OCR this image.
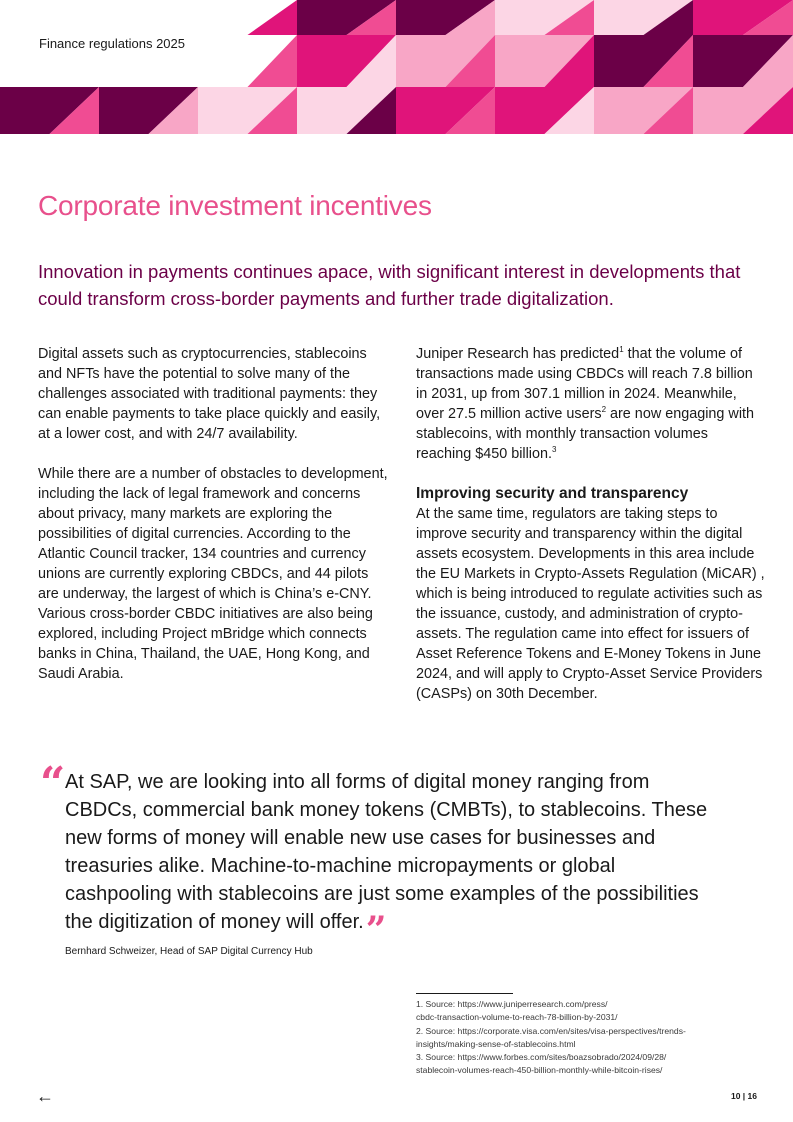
Finance regulations 2025
Corporate investment incentives

Innovation in payments continues apace, with significant interest in developments that could transform cross-border payments and further trade digitalization.

Digital assets such as cryptocurrencies, stablecoins and NFTs have the potential to solve many of the challenges associated with traditional payments: they can enable payments to take place quickly and easily, at a lower cost, and with 24/7 availability.

While there are a number of obstacles to development, including the lack of legal framework and concerns about privacy, many markets are exploring the possibilities of digital currencies. According to the Atlantic Council tracker, 134 countries and currency unions are currently exploring CBDCs, and 44 pilots are underway, the largest of which is China’s e-CNY. Various cross-border CBDC initiatives are also being explored, including Project mBridge which connects banks in China, Thailand, the UAE, Hong Kong, and Saudi Arabia.

Juniper Research has predicted$^1$ that the volume of transactions made using CBDCs will reach 7.8 billion in 2031, up from 307.1 million in 2024. Meanwhile, over 27.5 million active users$^2$ are now engaging with stablecoins, with monthly transaction volumes reaching $450 billion.$^3$

Improving security and transparency

At the same time, regulators are taking steps to improve security and transparency within the digital assets ecosystem. Developments in this area include the EU Markets in Crypto-Assets Regulation (MiCAR) , which is being introduced to regulate activities such as the issuance, custody, and administration of crypto-assets. The regulation came into effect for issuers of Asset Reference Tokens and E-Money Tokens in June 2024, and will apply to Crypto-Asset Service Providers (CASPs) on 30th December.

“ At SAP, we are looking into all forms of digital money ranging from CBDCs, commercial bank money tokens (CMBTs), to stablecoins. These new forms of money will enable new use cases for businesses and treasuries alike. Machine-to-machine micropayments or global cashpooling with stablecoins are just some examples of the possibilities the digitization of money will offer.”

Bernhard Schweizer, Head of SAP Digital Currency Hub
1. Source: https://www.juniperresearch.com/press/
cbdc-transaction-volume-to-reach-78-billion-by-2031/
2. Source: https://corporate.visa.com/en/sites/visa-perspectives/trends-
insights/making-sense-of-stablecoins.html
3. Source: https://www.forbes.com/sites/boazsobrado/2024/09/28/
stablecoin-volumes-reach-450-billion-monthly-while-bitcoin-rises/
←	10 | 16
